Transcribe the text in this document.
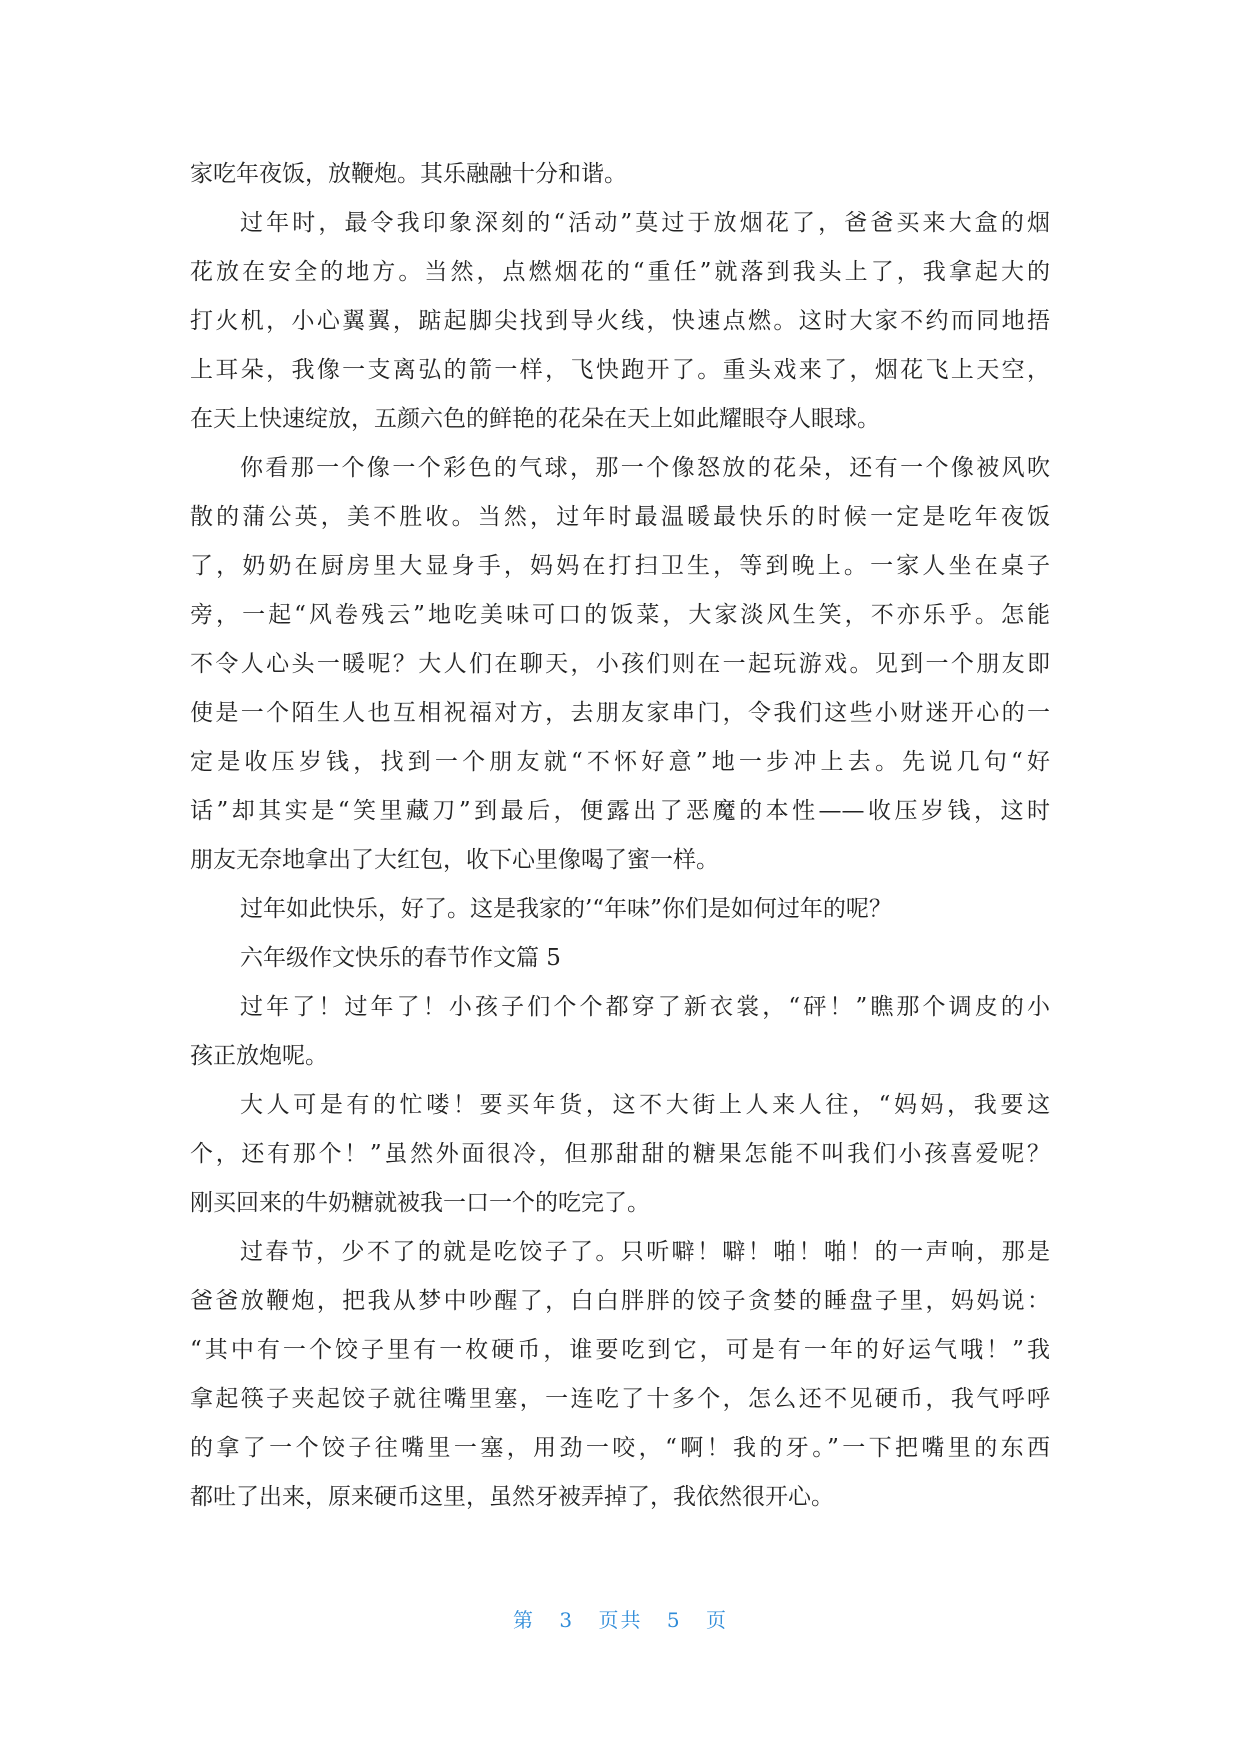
家吃年夜饭，放鞭炮。其乐融融十分和谐。
过年时，最令我印象深刻的“活动”莫过于放烟花了，爸爸买来大盒的烟
花放在安全的地方。当然，点燃烟花的“重任”就落到我头上了，我拿起大的
打火机，小心翼翼，踮起脚尖找到导火线，快速点燃。这时大家不约而同地捂
上耳朵，我像一支离弘的箭一样，飞快跑开了。重头戏来了，烟花飞上天空，
在天上快速绽放，五颜六色的鲜艳的花朵在天上如此耀眼夺人眼球。
你看那一个像一个彩色的气球，那一个像怒放的花朵，还有一个像被风吹
散的蒲公英，美不胜收。当然，过年时最温暖最快乐的时候一定是吃年夜饭
了，奶奶在厨房里大显身手，妈妈在打扫卫生，等到晚上。一家人坐在桌子
旁，一起“风卷残云”地吃美味可口的饭菜，大家淡风生笑，不亦乐乎。怎能
不令人心头一暖呢？大人们在聊天，小孩们则在一起玩游戏。见到一个朋友即
使是一个陌生人也互相祝福对方，去朋友家串门，令我们这些小财迷开心的一
定是收压岁钱，找到一个朋友就“不怀好意”地一步冲上去。先说几句“好
话”却其实是“笑里藏刀”到最后，便露出了恶魔的本性——收压岁钱，这时
朋友无奈地拿出了大红包，收下心里像喝了蜜一样。
过年如此快乐，好了。这是我家的’“年味”你们是如何过年的呢？
六年级作文快乐的春节作文篇 5
过年了！过年了！小孩子们个个都穿了新衣裳，“砰！”瞧那个调皮的小
孩正放炮呢。
大人可是有的忙喽！要买年货，这不大街上人来人往，“妈妈，我要这
个，还有那个！”虽然外面很冷，但那甜甜的糖果怎能不叫我们小孩喜爱呢？
刚买回来的牛奶糖就被我一口一个的吃完了。
过春节，少不了的就是吃饺子了。只听噼！噼！啪！啪！的一声响，那是
爸爸放鞭炮，把我从梦中吵醒了，白白胖胖的饺子贪婪的睡盘子里，妈妈说：
“其中有一个饺子里有一枚硬币，谁要吃到它，可是有一年的好运气哦！”我
拿起筷子夹起饺子就往嘴里塞，一连吃了十多个，怎么还不见硬币，我气呼呼
的拿了一个饺子往嘴里一塞，用劲一咬，“啊！我的牙。”一下把嘴里的东西
都吐了出来，原来硬币这里，虽然牙被弄掉了，我依然很开心。
第 3 页共 5 页
